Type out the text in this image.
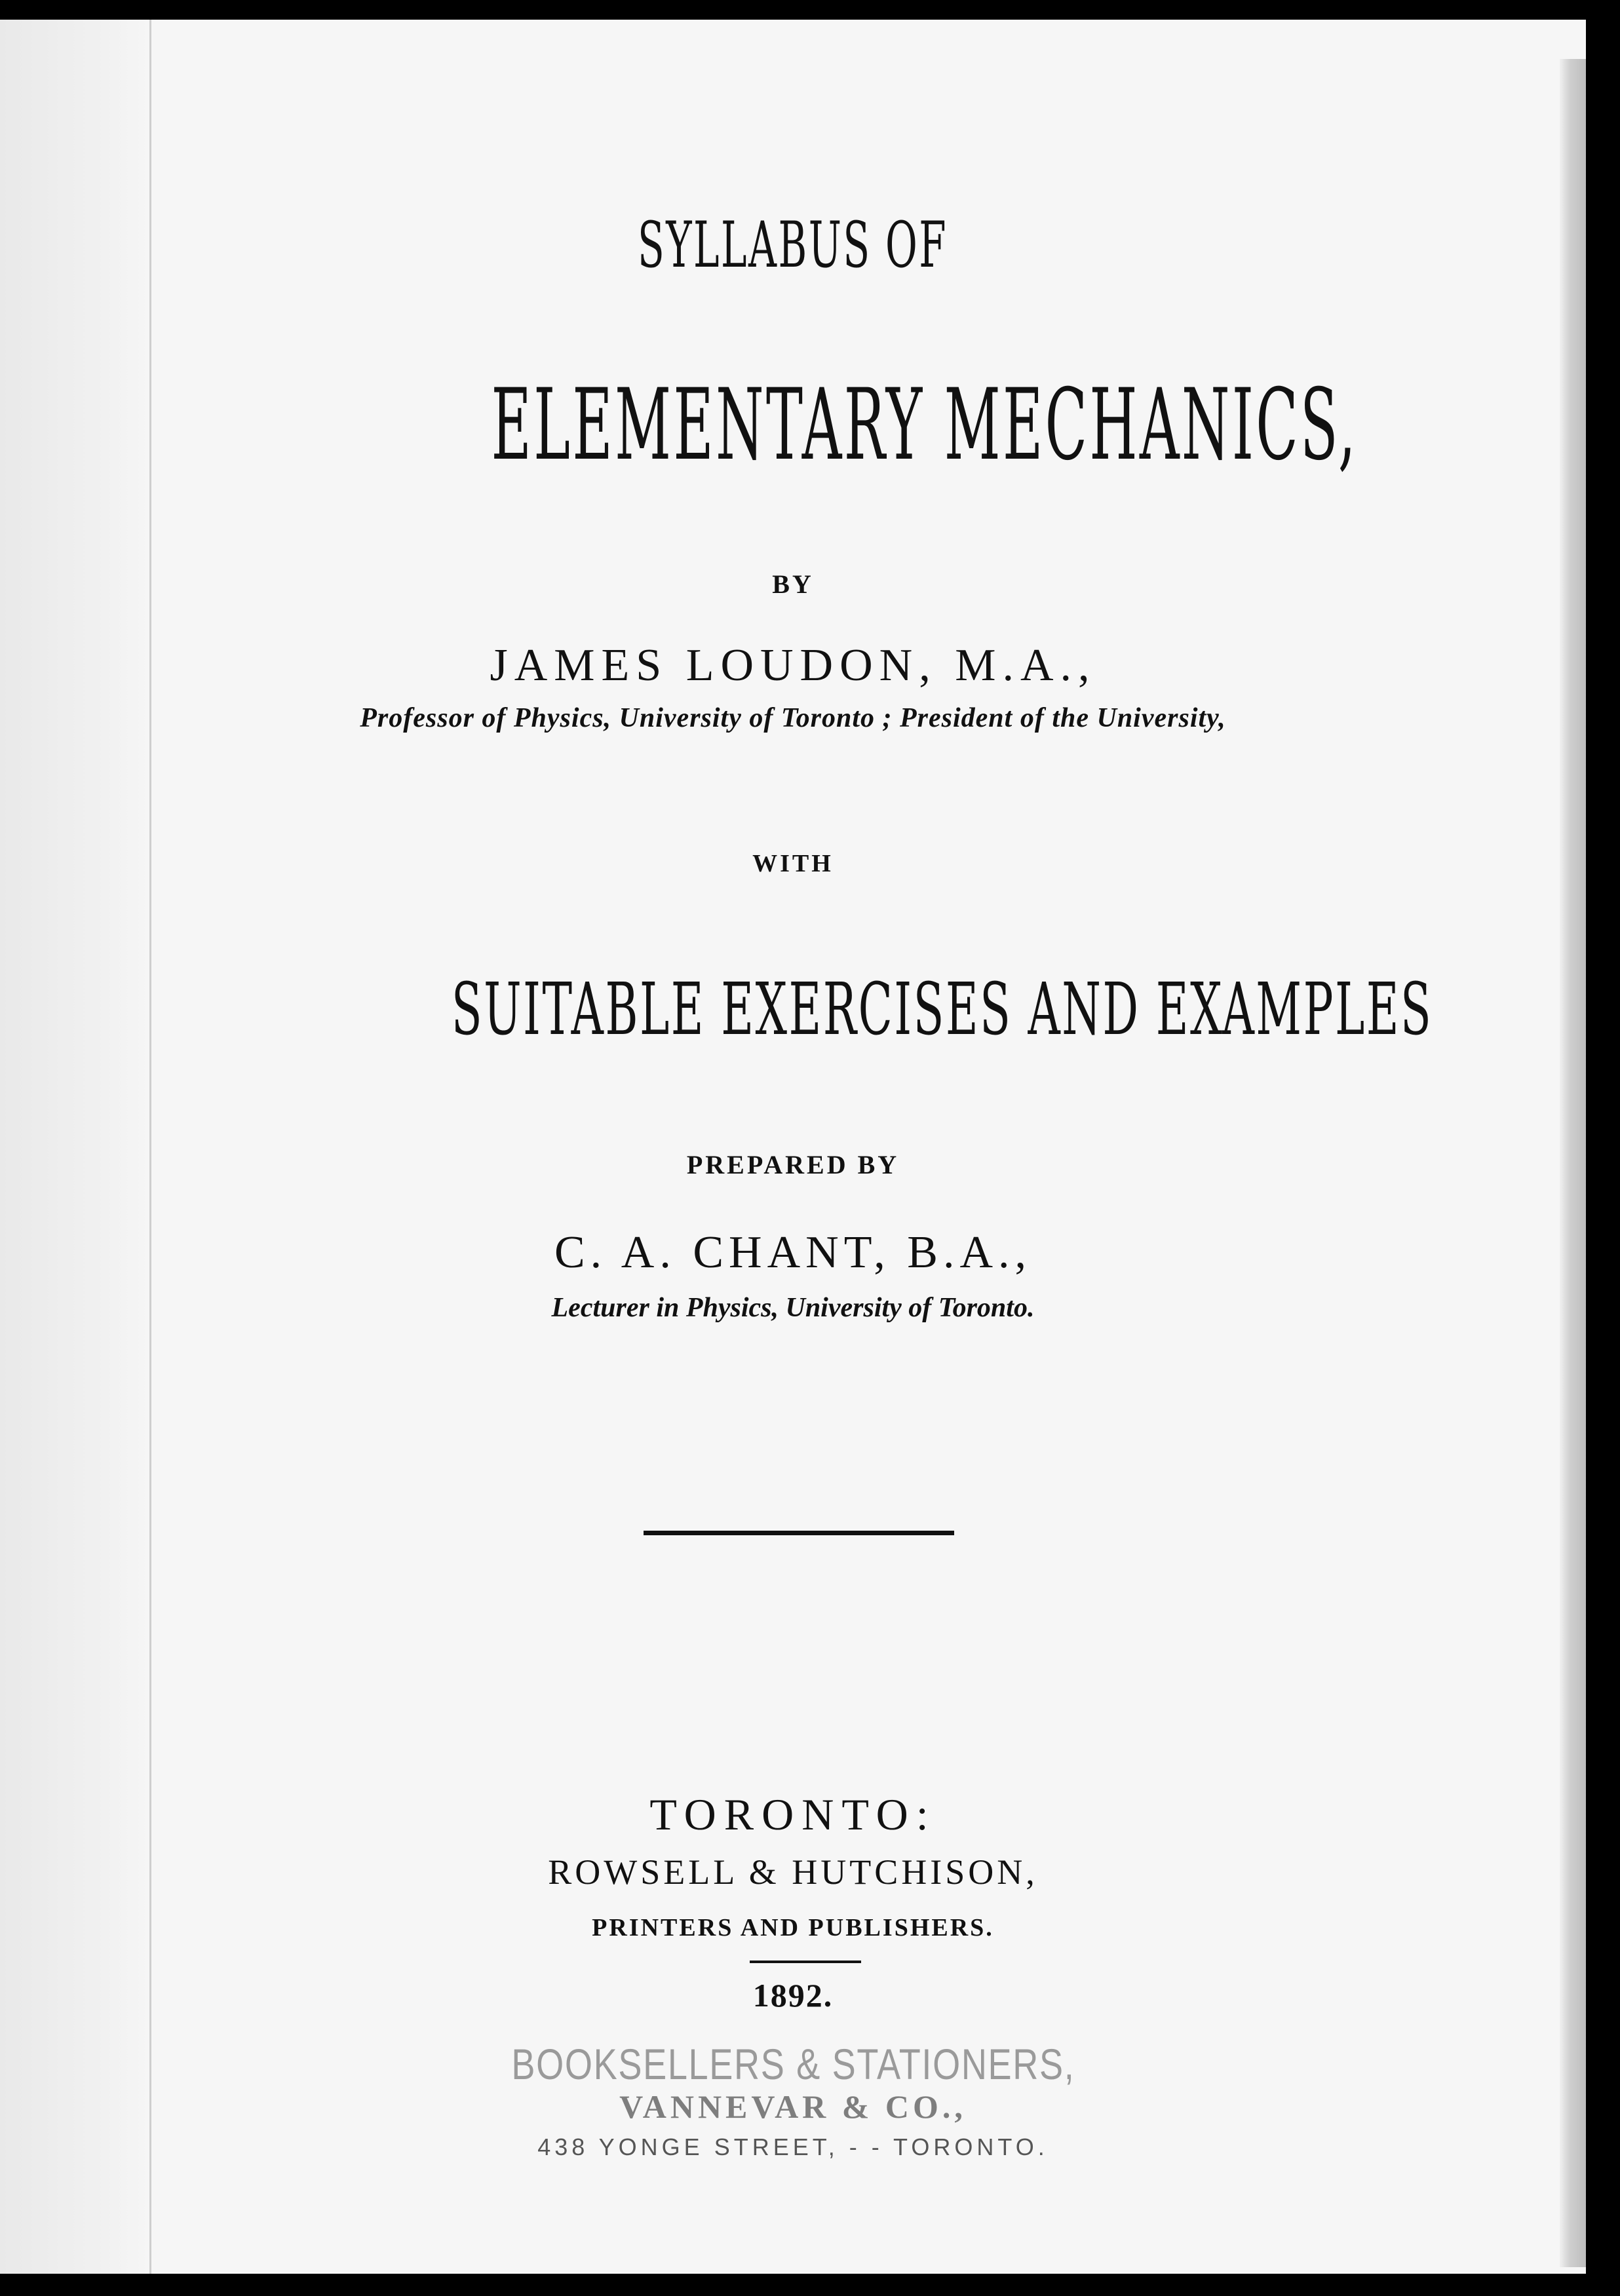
SYLLABUS OF
ELEMENTARY MECHANICS,
BY
JAMES LOUDON, M.A.,
Professor of Physics, University of Toronto ; President of the University,
WITH
SUITABLE EXERCISES AND EXAMPLES
PREPARED BY
C. A. CHANT, B.A.,
Lecturer in Physics, University of Toronto.
TORONTO:
ROWSELL & HUTCHISON,
PRINTERS AND PUBLISHERS.
1892.
BOOKSELLERS & STATIONERS,
VANNEVAR & CO.,
438 YONGE STREET, - - TORONTO.
